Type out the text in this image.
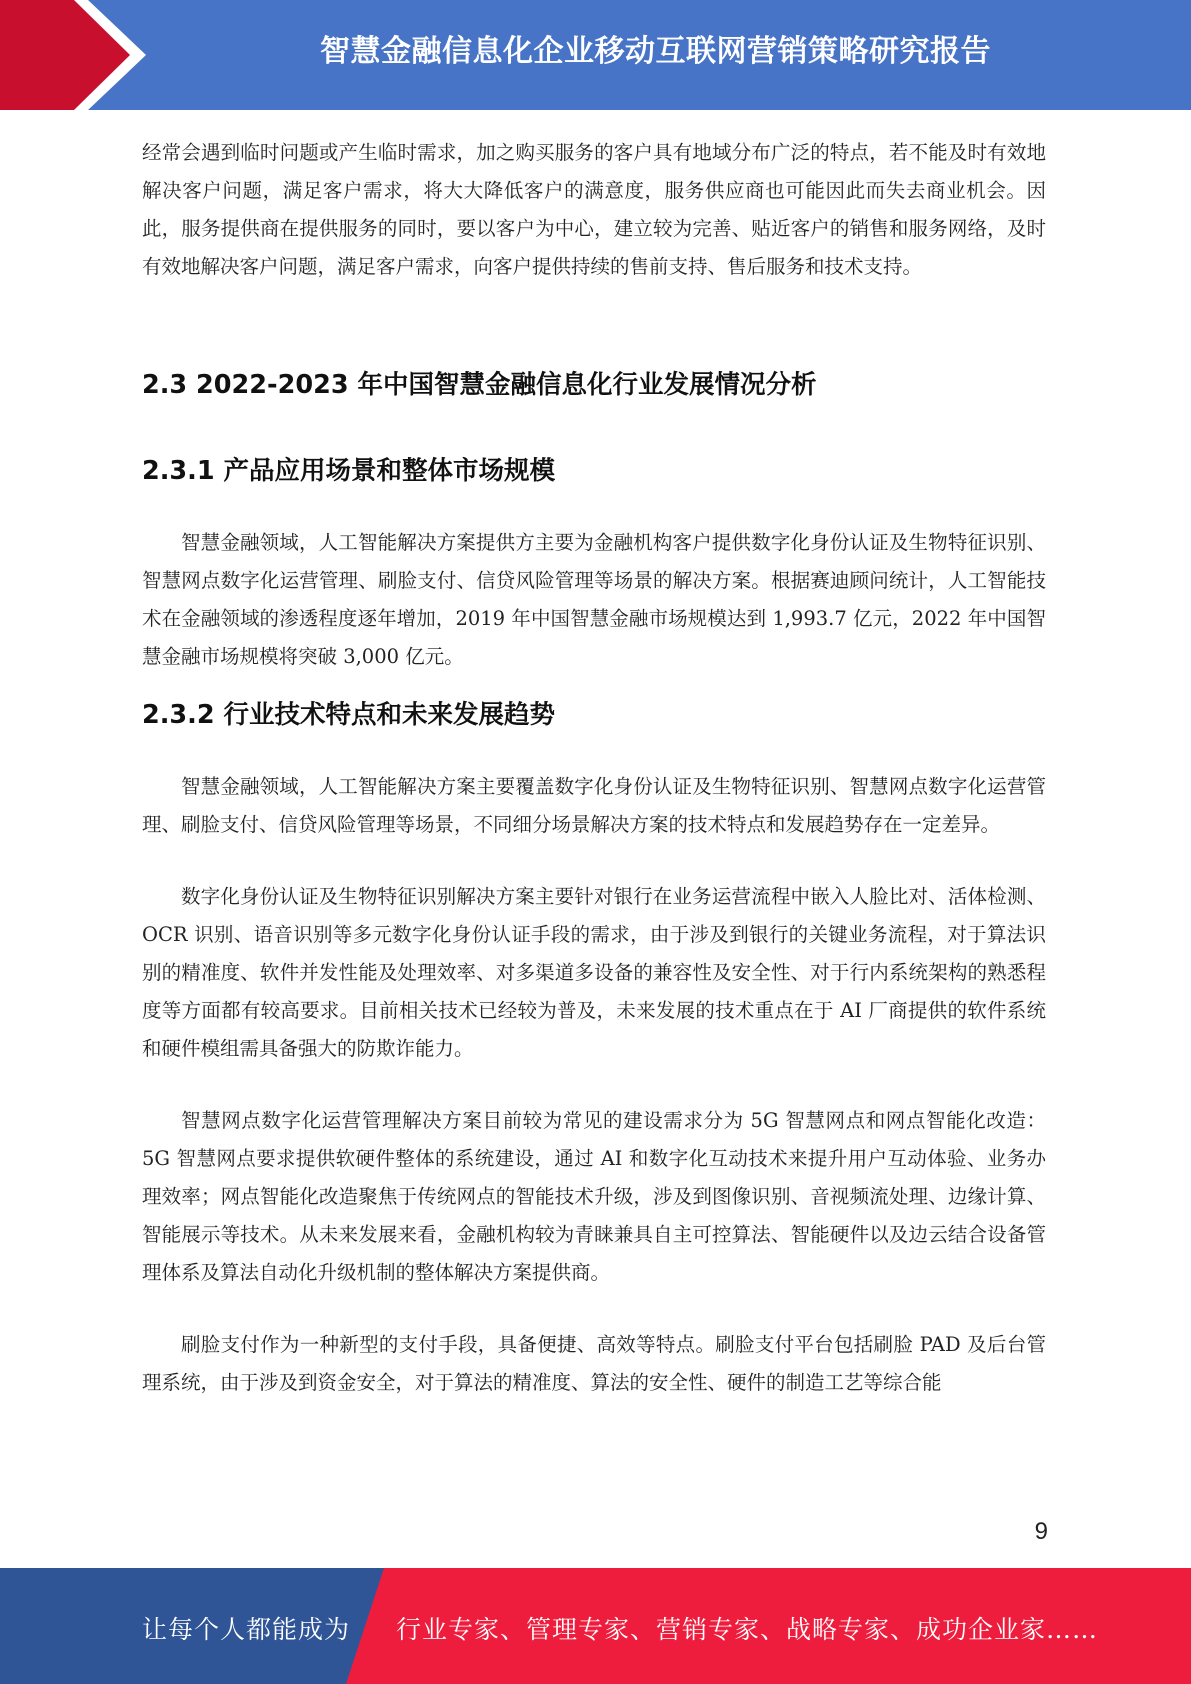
智慧金融信息化企业移动互联网营销策略研究报告

经常会遇到临时问题或产生临时需求，加之购买服务的客户具有地域分布广泛的特点，若不能及时有效地解决客户问题，满足客户需求，将大大降低客户的满意度，服务供应商也可能因此而失去商业机会。因此，服务提供商在提供服务的同时，要以客户为中心，建立较为完善、贴近客户的销售和服务网络，及时有效地解决客户问题，满足客户需求，向客户提供持续的售前支持、售后服务和技术支持。

2.3 2022-2023 年中国智慧金融信息化行业发展情况分析
2.3.1 产品应用场景和整体市场规模

智慧金融领域，人工智能解决方案提供方主要为金融机构客户提供数字化身份认证及生物特征识别、智慧网点数字化运营管理、刷脸支付、信贷风险管理等场景的解决方案。根据赛迪顾问统计，人工智能技术在金融领域的渗透程度逐年增加，2019 年中国智慧金融市场规模达到 1,993.7 亿元，2022 年中国智慧金融市场规模将突破 3,000 亿元。

2.3.2 行业技术特点和未来发展趋势

智慧金融领域，人工智能解决方案主要覆盖数字化身份认证及生物特征识别、智慧网点数字化运营管理、刷脸支付、信贷风险管理等场景，不同细分场景解决方案的技术特点和发展趋势存在一定差异。

数字化身份认证及生物特征识别解决方案主要针对银行在业务运营流程中嵌入人脸比对、活体检测、OCR 识别、语音识别等多元数字化身份认证手段的需求，由于涉及到银行的关键业务流程，对于算法识别的精准度、软件并发性能及处理效率、对多渠道多设备的兼容性及安全性、对于行内系统架构的熟悉程度等方面都有较高要求。目前相关技术已经较为普及，未来发展的技术重点在于 AI 厂商提供的软件系统和硬件模组需具备强大的防欺诈能力。

智慧网点数字化运营管理解决方案目前较为常见的建设需求分为 5G 智慧网点和网点智能化改造：5G 智慧网点要求提供软硬件整体的系统建设，通过 AI 和数字化互动技术来提升用户互动体验、业务办理效率；网点智能化改造聚焦于传统网点的智能技术升级，涉及到图像识别、音视频流处理、边缘计算、智能展示等技术。从未来发展来看，金融机构较为青睐兼具自主可控算法、智能硬件以及边云结合设备管理体系及算法自动化升级机制的整体解决方案提供商。

刷脸支付作为一种新型的支付手段，具备便捷、高效等特点。刷脸支付平台包括刷脸 PAD 及后台管理系统，由于涉及到资金安全，对于算法的精准度、算法的安全性、硬件的制造工艺等综合能

9
让每个人都能成为 行业专家、管理专家、营销专家、战略专家、成功企业家……
